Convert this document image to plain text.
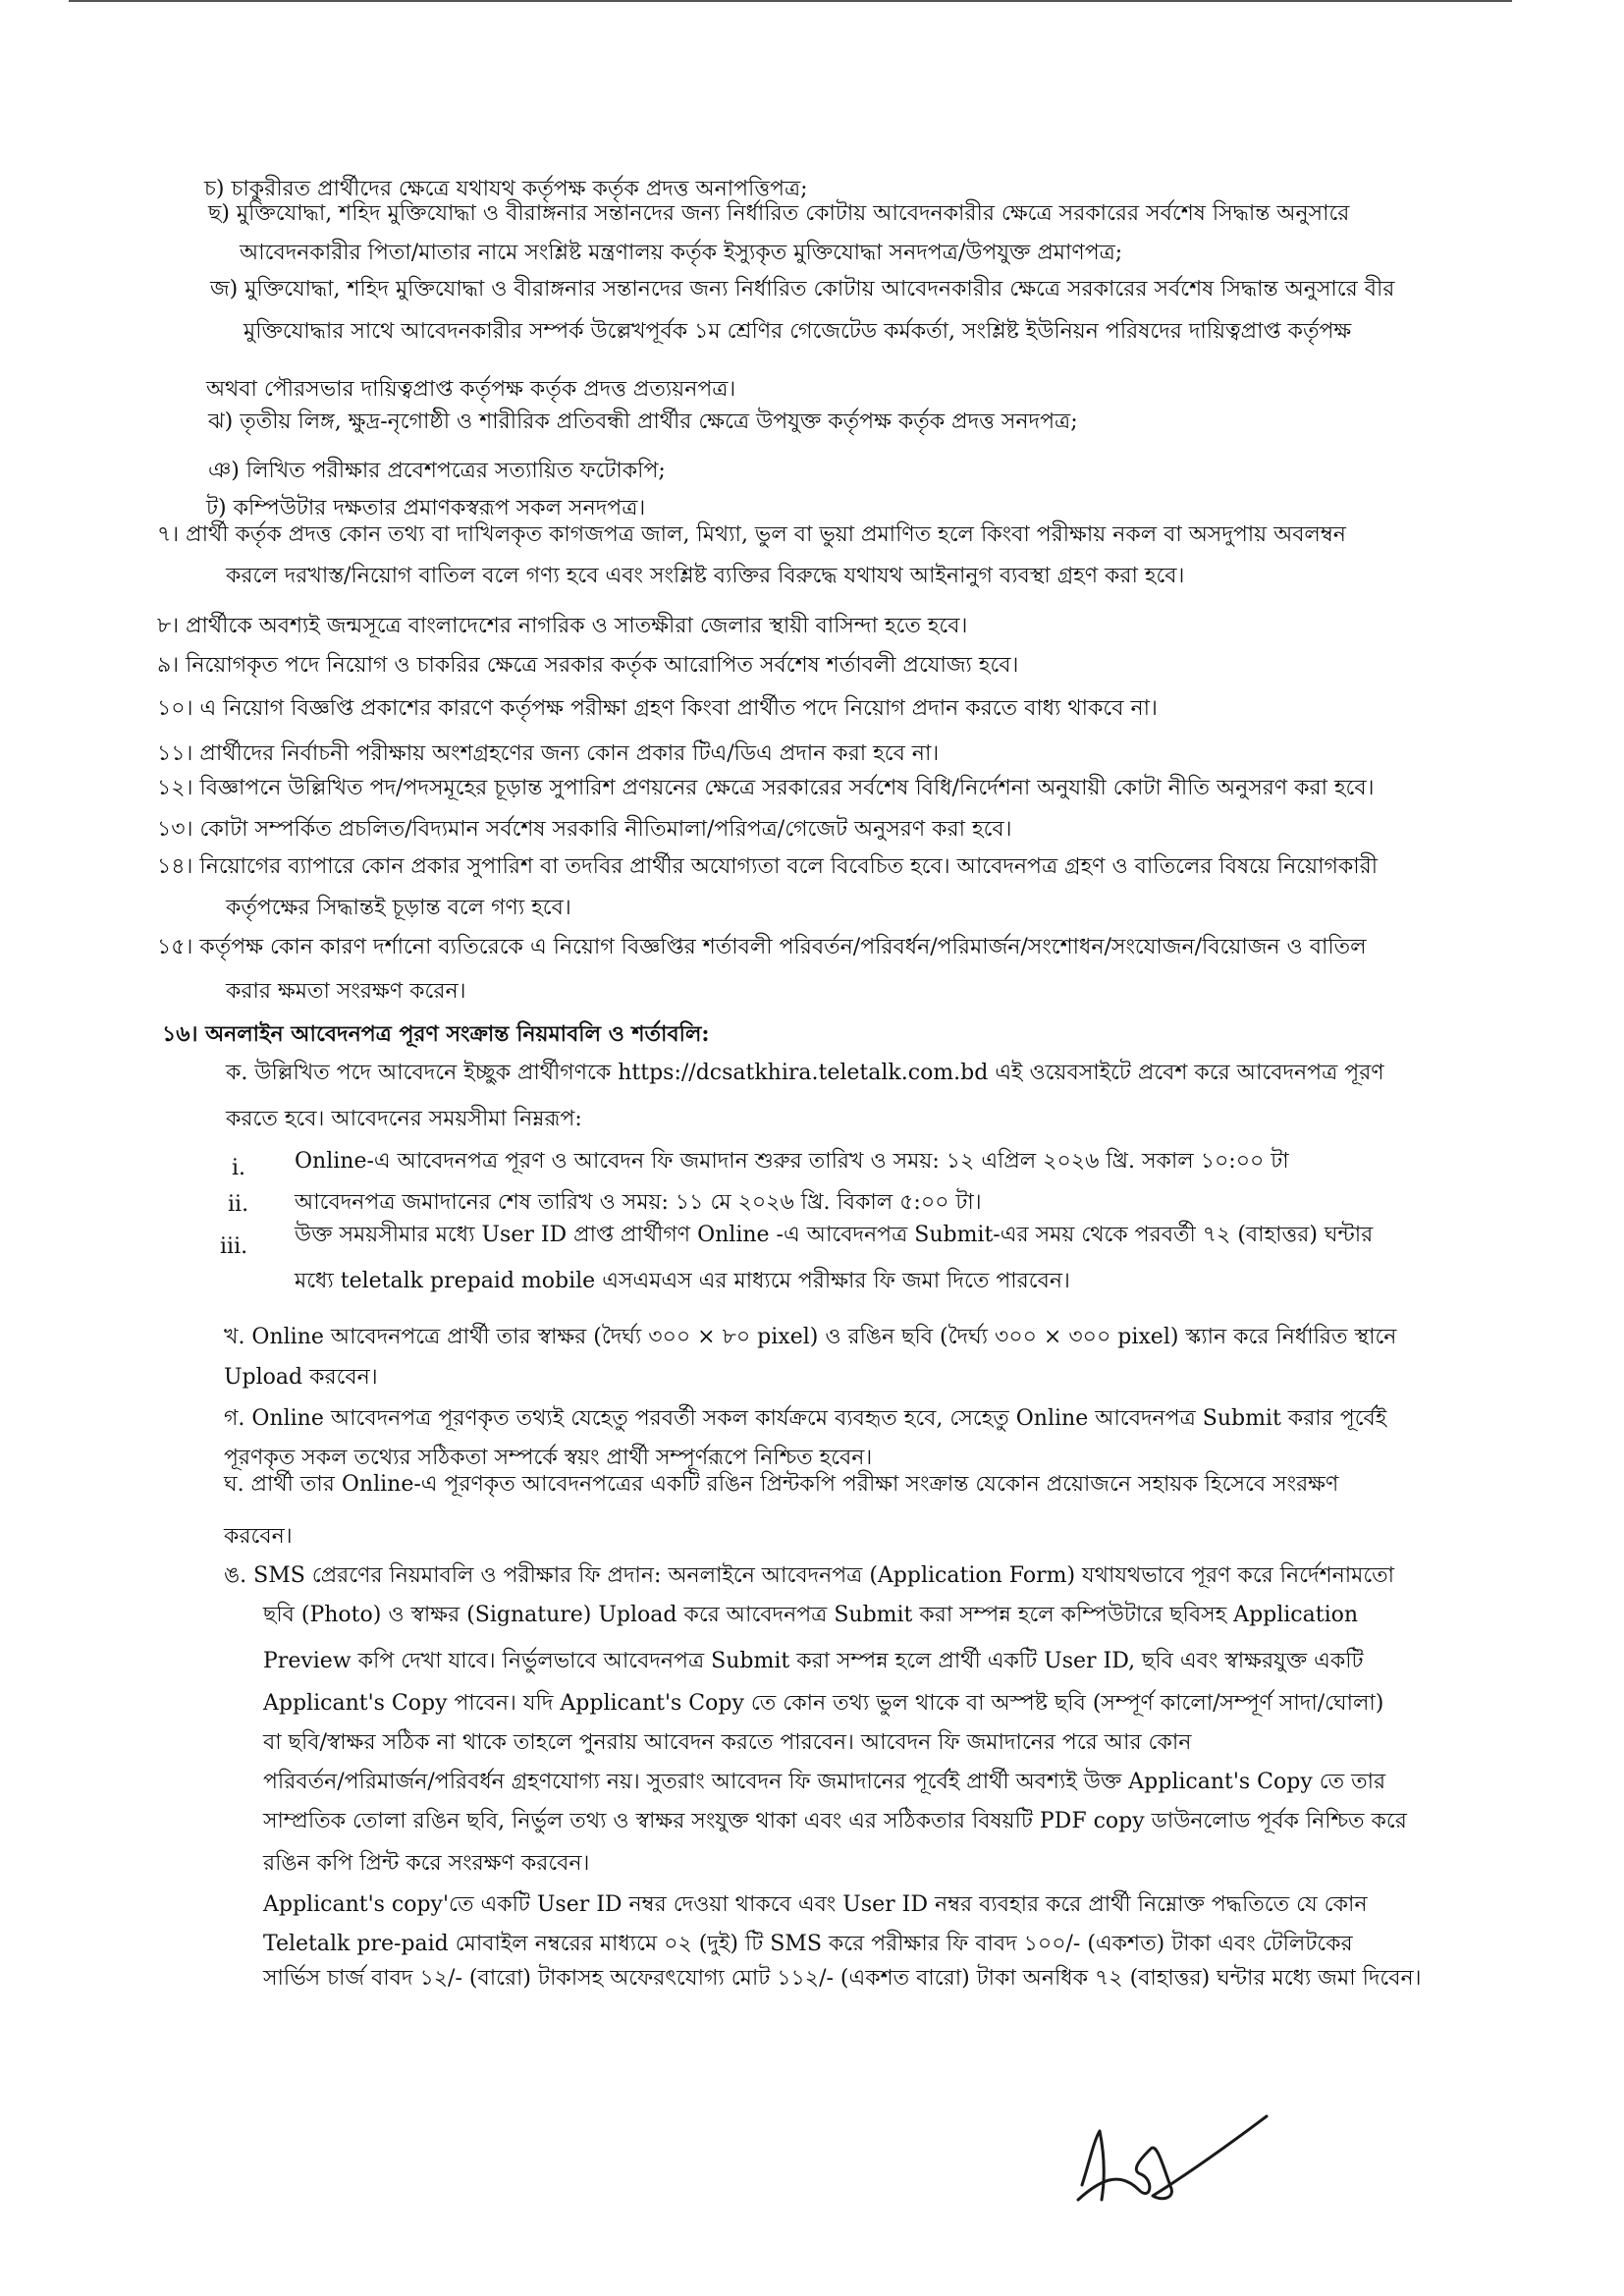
চ) চাকুরীরত প্রার্থীদের ক্ষেত্রে যথাযথ কর্তৃপক্ষ কর্তৃক প্রদত্ত অনাপত্তিপত্র;
ছ) মুক্তিযোদ্ধা, শহিদ মুক্তিযোদ্ধা ও বীরাঙ্গনার সন্তানদের জন্য নির্ধারিত কোটায় আবেদনকারীর ক্ষেত্রে সরকারের সর্বশেষ সিদ্ধান্ত অনুসারে
আবেদনকারীর পিতা/মাতার নামে সংশ্লিষ্ট মন্ত্রণালয় কর্তৃক ইস্যুকৃত মুক্তিযোদ্ধা সনদপত্র/উপযুক্ত প্রমাণপত্র;
জ) মুক্তিযোদ্ধা, শহিদ মুক্তিযোদ্ধা ও বীরাঙ্গনার সন্তানদের জন্য নির্ধারিত কোটায় আবেদনকারীর ক্ষেত্রে সরকারের সর্বশেষ সিদ্ধান্ত অনুসারে বীর
মুক্তিযোদ্ধার সাথে আবেদনকারীর সম্পর্ক উল্লেখপূর্বক ১ম শ্রেণির গেজেটেড কর্মকর্তা, সংশ্লিষ্ট ইউনিয়ন পরিষদের দায়িত্বপ্রাপ্ত কর্তৃপক্ষ
অথবা পৌরসভার দায়িত্বপ্রাপ্ত কর্তৃপক্ষ কর্তৃক প্রদত্ত প্রত্যয়নপত্র।
ঝ) তৃতীয় লিঙ্গ, ক্ষুদ্র-নৃগোষ্ঠী ও শারীরিক প্রতিবন্ধী প্রার্থীর ক্ষেত্রে উপযুক্ত কর্তৃপক্ষ কর্তৃক প্রদত্ত সনদপত্র;
ঞ) লিখিত পরীক্ষার প্রবেশপত্রের সত্যায়িত ফটোকপি;
ট) কম্পিউটার দক্ষতার প্রমাণকস্বরূপ সকল সনদপত্র।
৭। প্রার্থী কর্তৃক প্রদত্ত কোন তথ্য বা দাখিলকৃত কাগজপত্র জাল, মিথ্যা, ভুল বা ভুয়া প্রমাণিত হলে কিংবা পরীক্ষায় নকল বা অসদুপায় অবলম্বন
করলে দরখাস্ত/নিয়োগ বাতিল বলে গণ্য হবে এবং সংশ্লিষ্ট ব্যক্তির বিরুদ্ধে যথাযথ আইনানুগ ব্যবস্থা গ্রহণ করা হবে।
৮। প্রার্থীকে অবশ্যই জন্মসূত্রে বাংলাদেশের নাগরিক ও সাতক্ষীরা জেলার স্থায়ী বাসিন্দা হতে হবে।
৯। নিয়োগকৃত পদে নিয়োগ ও চাকরির ক্ষেত্রে সরকার কর্তৃক আরোপিত সর্বশেষ শর্তাবলী প্রযোজ্য হবে।
১০। এ নিয়োগ বিজ্ঞপ্তি প্রকাশের কারণে কর্তৃপক্ষ পরীক্ষা গ্রহণ কিংবা প্রার্থীত পদে নিয়োগ প্রদান করতে বাধ্য থাকবে না।
১১। প্রার্থীদের নির্বাচনী পরীক্ষায় অংশগ্রহণের জন্য কোন প্রকার টিএ/ডিএ প্রদান করা হবে না।
১২। বিজ্ঞাপনে উল্লিখিত পদ/পদসমূহের চূড়ান্ত সুপারিশ প্রণয়নের ক্ষেত্রে সরকারের সর্বশেষ বিধি/নির্দেশনা অনুযায়ী কোটা নীতি অনুসরণ করা হবে।
১৩। কোটা সম্পর্কিত প্রচলিত/বিদ্যমান সর্বশেষ সরকারি নীতিমালা/পরিপত্র/গেজেট অনুসরণ করা হবে।
১৪। নিয়োগের ব্যাপারে কোন প্রকার সুপারিশ বা তদবির প্রার্থীর অযোগ্যতা বলে বিবেচিত হবে। আবেদনপত্র গ্রহণ ও বাতিলের বিষয়ে নিয়োগকারী
কর্তৃপক্ষের সিদ্ধান্তই চূড়ান্ত বলে গণ্য হবে।
১৫। কর্তৃপক্ষ কোন কারণ দর্শানো ব্যতিরেকে এ নিয়োগ বিজ্ঞপ্তির শর্তাবলী পরিবর্তন/পরিবর্ধন/পরিমার্জন/সংশোধন/সংযোজন/বিয়োজন ও বাতিল
করার ক্ষমতা সংরক্ষণ করেন।
১৬। অনলাইন আবেদনপত্র পূরণ সংক্রান্ত নিয়মাবলি ও শর্তাবলি:
ক. উল্লিখিত পদে আবেদনে ইচ্ছুক প্রার্থীগণকে https://dcsatkhira.teletalk.com.bd এই ওয়েবসাইটে প্রবেশ করে আবেদনপত্র পূরণ
করতে হবে। আবেদনের সময়সীমা নিম্নরূপ:
i. Online-এ আবেদনপত্র পূরণ ও আবেদন ফি জমাদান শুরুর তারিখ ও সময়: ১২ এপ্রিল ২০২৬ খ্রি. সকাল ১০:০০ টা
ii. আবেদনপত্র জমাদানের শেষ তারিখ ও সময়: ১১ মে ২০২৬ খ্রি. বিকাল ৫:০০ টা।
iii. উক্ত সময়সীমার মধ্যে User ID প্রাপ্ত প্রার্থীগণ Online -এ আবেদনপত্র Submit-এর সময় থেকে পরবর্তী ৭২ (বাহাত্তর) ঘন্টার
মধ্যে teletalk prepaid mobile এসএমএস এর মাধ্যমে পরীক্ষার ফি জমা দিতে পারবেন।
খ. Online আবেদনপত্রে প্রার্থী তার স্বাক্ষর (দৈর্ঘ্য ৩০০ × ৮০ pixel) ও রঙিন ছবি (দৈর্ঘ্য ৩০০ × ৩০০ pixel) স্ক্যান করে নির্ধারিত স্থানে
Upload করবেন।
গ. Online আবেদনপত্র পূরণকৃত তথ্যই যেহেতু পরবর্তী সকল কার্যক্রমে ব্যবহৃত হবে, সেহেতু Online আবেদনপত্র Submit করার পূর্বেই
পূরণকৃত সকল তথ্যের সঠিকতা সম্পর্কে স্বয়ং প্রার্থী সম্পূর্ণরূপে নিশ্চিত হবেন।
ঘ. প্রার্থী তার Online-এ পূরণকৃত আবেদনপত্রের একটি রঙিন প্রিন্টকপি পরীক্ষা সংক্রান্ত যেকোন প্রয়োজনে সহায়ক হিসেবে সংরক্ষণ
করবেন।
ঙ. SMS প্রেরণের নিয়মাবলি ও পরীক্ষার ফি প্রদান: অনলাইনে আবেদনপত্র (Application Form) যথাযথভাবে পূরণ করে নির্দেশনামতো
ছবি (Photo) ও স্বাক্ষর (Signature) Upload করে আবেদনপত্র Submit করা সম্পন্ন হলে কম্পিউটারে ছবিসহ Application
Preview কপি দেখা যাবে। নির্ভুলভাবে আবেদনপত্র Submit করা সম্পন্ন হলে প্রার্থী একটি User ID, ছবি এবং স্বাক্ষরযুক্ত একটি
Applicant's Copy পাবেন। যদি Applicant's Copy তে কোন তথ্য ভুল থাকে বা অস্পষ্ট ছবি (সম্পূর্ণ কালো/সম্পূর্ণ সাদা/ঘোলা)
বা ছবি/স্বাক্ষর সঠিক না থাকে তাহলে পুনরায় আবেদন করতে পারবেন। আবেদন ফি জমাদানের পরে আর কোন
পরিবর্তন/পরিমার্জন/পরিবর্ধন গ্রহণযোগ্য নয়। সুতরাং আবেদন ফি জমাদানের পূর্বেই প্রার্থী অবশ্যই উক্ত Applicant's Copy তে তার
সাম্প্রতিক তোলা রঙিন ছবি, নির্ভুল তথ্য ও স্বাক্ষর সংযুক্ত থাকা এবং এর সঠিকতার বিষয়টি PDF copy ডাউনলোড পূর্বক নিশ্চিত করে
রঙিন কপি প্রিন্ট করে সংরক্ষণ করবেন।
Applicant's copy'তে একটি User ID নম্বর দেওয়া থাকবে এবং User ID নম্বর ব্যবহার করে প্রার্থী নিম্নোক্ত পদ্ধতিতে যে কোন
Teletalk pre-paid মোবাইল নম্বরের মাধ্যমে ০২ (দুই) টি SMS করে পরীক্ষার ফি বাবদ ১০০/- (একশত) টাকা এবং টেলিটকের
সার্ভিস চার্জ বাবদ ১২/- (বারো) টাকাসহ অফেরৎযোগ্য মোট ১১২/- (একশত বারো) টাকা অনধিক ৭২ (বাহাত্তর) ঘন্টার মধ্যে জমা দিবেন।
